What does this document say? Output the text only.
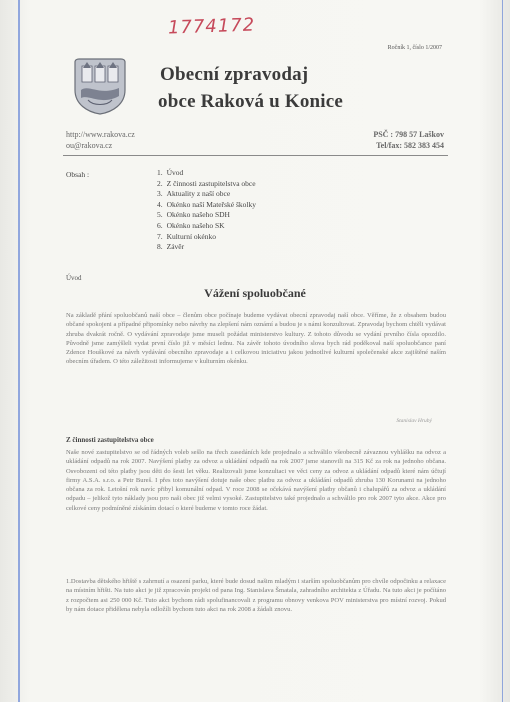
1774172
Ročník 1, číslo 1/2007
Obecní zpravodaj
obce Raková u Konice
http://www.rakova.cz
ou@rakova.cz
PSČ : 798 57 Laškov
Tel/fax: 582 383 454
Obsah :	1. Úvod
2. Z činnosti zastupitelstva obce
3. Aktuality z naší obce
4. Okénko naší Mateřské školky
5. Okénko našeho SDH
6. Okénko našeho SK
7. Kulturní okénko
8. Závěr
Úvod
Vážení spoluobčané

Na základě přání spoluobčanů naší obce – členům obce počínaje budeme vydávat obecní zpravodaj naší obce. Věříme, že z obsahem budou občané spokojeni a případné připomínky nebo návrhy na zlepšení nám oznámí a budou je s námi konzultovat. Zpravodaj bychom chtěli vydávat zhruba dvakrát ročně. O vydávání zpravodaje jsme museli požádat ministerstvo kultury. Z tohoto důvodu se vydání prvního čísla opozdilo. Původně jsme zamýšleli vydat první číslo již v měsíci lednu. Na závěr tohoto úvodního slova bych rád poděkoval naší spoluobčance paní Zdence Houškové za návrh vydávání obecního zpravodaje a i celkovou iniciativu jakou jednotlivé kulturní společenské akce zajištěné naším obecním úřadem. O této záležitosti informujeme v kulturním okénku.

Stanislav Hrubý
Z činnosti zastupitelstva obce

Naše nové zastupitelstvo se od řádných voleb sešlo na třech zasedáních kde projednalo a schválilo všeobecně závaznou vyhlášku na odvoz a ukládání odpadů na rok 2007. Navýšení platby za odvoz a ukládání odpadů na rok 2007 jsme stanovili na 315 Kč za rok na jednoho občana. Osvobozeni od této platby jsou děti do šesti let věku. Realizovali jsme konzultaci ve věci ceny za odvoz a ukládání odpadů které nám účtují firmy A.S.A. s.r.o. a Petr Bureš. I přes toto navýšení dotuje naše obec platbu za odvoz a ukládání odpadů zhruba 130 Korunami na jednoho občana za rok. Letošní rok navíc přibyl komunální odpad. V roce 2008 se očekává navýšení platby občanů i chalupářů za odvoz a ukládání odpadu – jelikož tyto náklady jsou pro naši obec již velmi vysoké. Zastupitelstvo také projednalo a schválilo pro rok 2007 tyto akce. Akce pro celkové ceny podmíněné získáním dotací o které budeme v tomto roce žádat.

1.Dostavba dětského hřiště s zahrnutí a osazení parku, které bude dosud našim mladým i starším spoluobčanům pro chvíle odpočinku a relaxace na místním hřišti. Na tuto akci je již zpracován projekt od pana Ing. Stanislava Šmatala, zahradního architekta z Úřadu. Na tuto akci je počítáno z rozpočtem asi 250 000 Kč. Tuto akci bychom rádi spolufinancovali z programu obnovy venkova POV ministerstva pro místní rozvoj. Pokud by nám dotace přidělena nebyla odložíli bychom tuto akci na rok 2008 a žádali znovu.
